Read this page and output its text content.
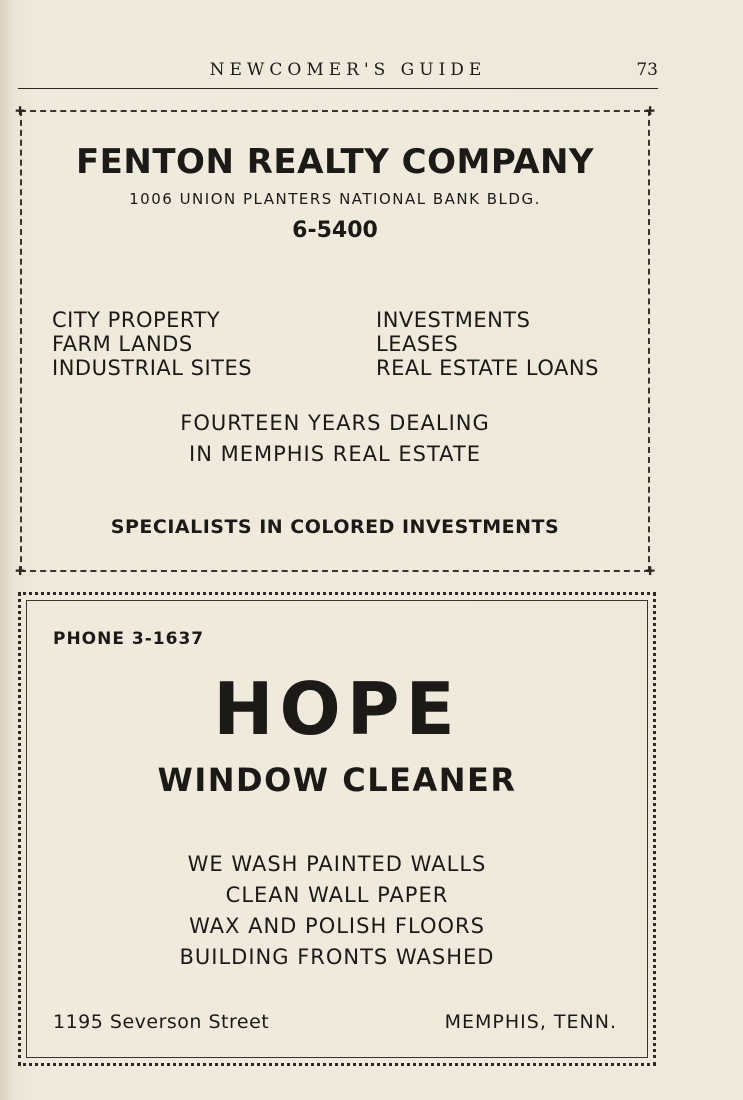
NEWCOMER'S GUIDE	73
✚	✚
✚	✚
FENTON REALTY COMPANY
1006 UNION PLANTERS NATIONAL BANK BLDG.
6-5400
CITY PROPERTY
FARM LANDS
INDUSTRIAL SITES
INVESTMENTS
LEASES
REAL ESTATE LOANS
FOURTEEN YEARS DEALING
IN MEMPHIS REAL ESTATE
SPECIALISTS IN COLORED INVESTMENTS
PHONE 3-1637
HOPE
WINDOW CLEANER
WE WASH PAINTED WALLS
CLEAN WALL PAPER
WAX AND POLISH FLOORS
BUILDING FRONTS WASHED
1195 Severson Street	MEMPHIS, TENN.
